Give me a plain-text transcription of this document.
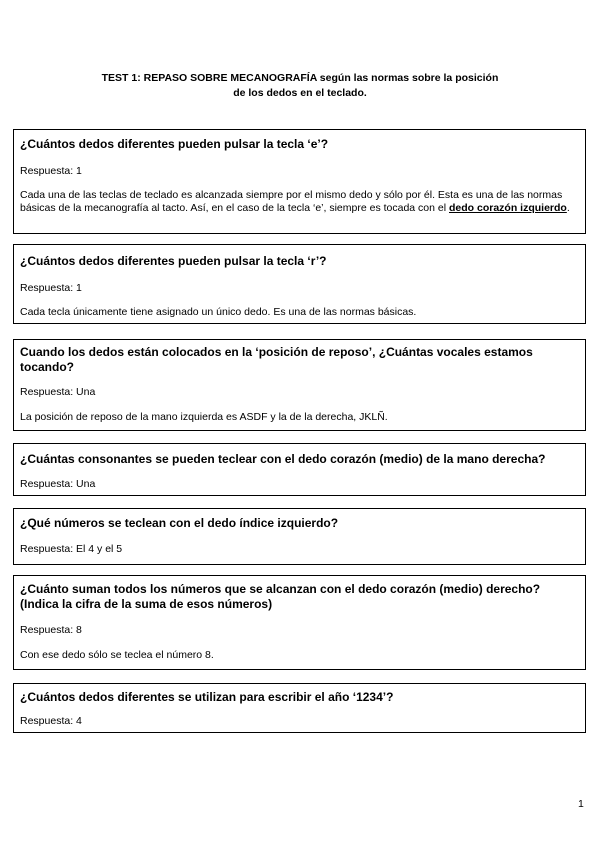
TEST 1: REPASO SOBRE MECANOGRAFÍA según las normas sobre la posición
de los dedos en el teclado.
¿Cuántos dedos diferentes pueden pulsar la tecla ‘e’?
Respuesta: 1
Cada una de las teclas de teclado es alcanzada siempre por el mismo dedo y sólo por él. Esta es una de las normas básicas de la mecanografía al tacto. Así, en el caso de la tecla ‘e’, siempre es tocada con el dedo corazón izquierdo.
¿Cuántos dedos diferentes pueden pulsar la tecla ‘r’?
Respuesta: 1
Cada tecla únicamente tiene asignado un único dedo. Es una de las normas básicas.
Cuando los dedos están colocados en la ‘posición de reposo’, ¿Cuántas vocales estamos tocando?
Respuesta: Una
La posición de reposo de la mano izquierda es ASDF y la de la derecha, JKLÑ.
¿Cuántas consonantes se pueden teclear con el dedo corazón (medio) de la mano derecha?
Respuesta: Una
¿Qué números se teclean con el dedo índice izquierdo?
Respuesta: El 4 y el 5
¿Cuánto suman todos los números que se alcanzan con el dedo corazón (medio) derecho? (Indica la cifra de la suma de esos números)
Respuesta: 8
Con ese dedo sólo se teclea el número 8.
¿Cuántos dedos diferentes se utilizan para escribir el año ‘1234’?
Respuesta: 4
1
